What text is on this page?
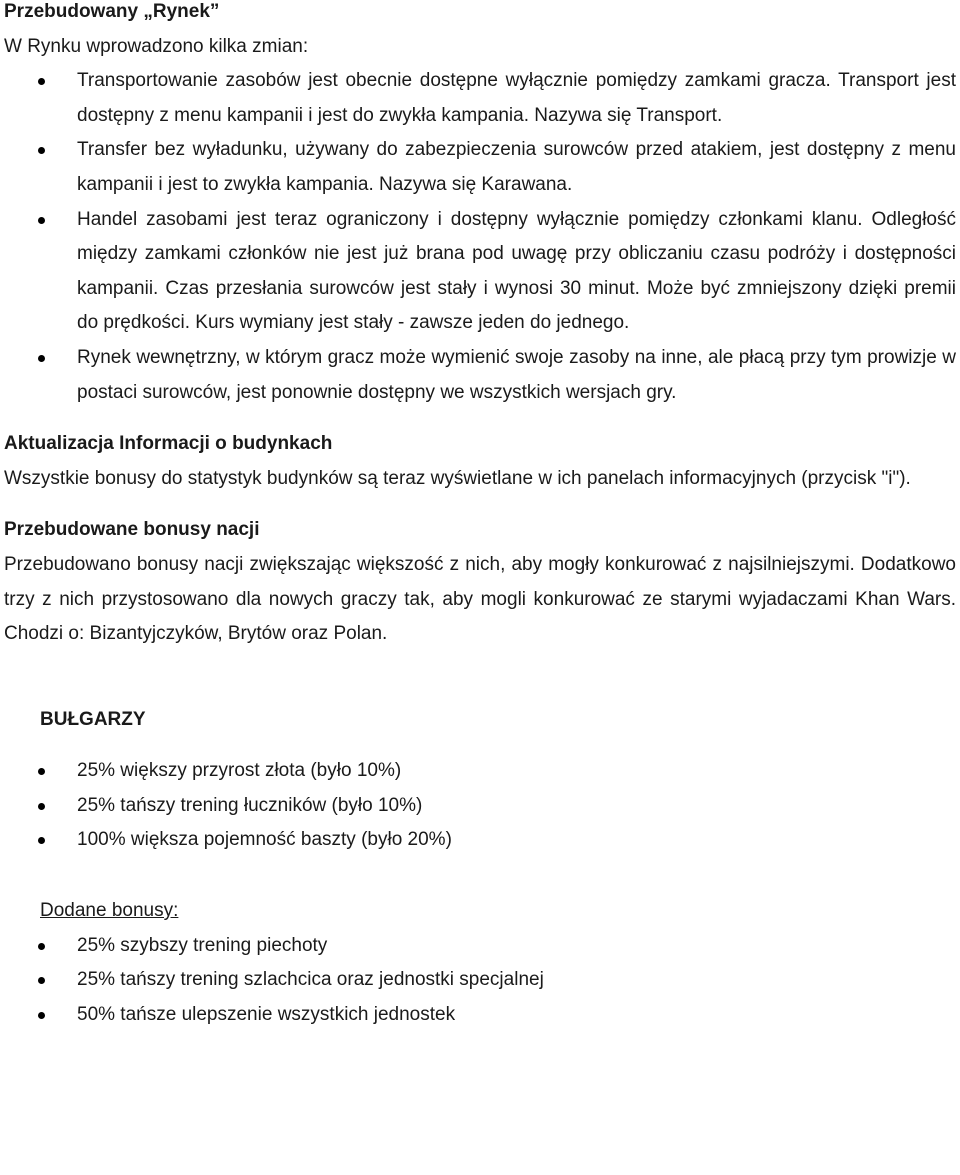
Przebudowany „Rynek”

W Rynku wprowadzono kilka zmian:

Transportowanie zasobów jest obecnie dostępne wyłącznie pomiędzy zamkami gracza. Transport jest dostępny z menu kampanii i jest do zwykła kampania. Nazywa się Transport.
Transfer bez wyładunku, używany do zabezpieczenia surowców przed atakiem, jest dostępny z menu kampanii i jest to zwykła kampania. Nazywa się Karawana.
Handel zasobami jest teraz ograniczony i dostępny wyłącznie pomiędzy członkami klanu. Odległość między zamkami członków nie jest już brana pod uwagę przy obliczaniu czasu podróży i dostępności kampanii. Czas przesłania surowców jest stały i wynosi 30 minut. Może być zmniejszony dzięki premii do prędkości. Kurs wymiany jest stały - zawsze jeden do jednego.
Rynek wewnętrzny, w którym gracz może wymienić swoje zasoby na inne, ale płacą przy tym prowizje w postaci surowców, jest ponownie dostępny we wszystkich wersjach gry.
Aktualizacja Informacji o budynkach

Wszystkie bonusy do statystyk budynków są teraz wyświetlane w ich panelach informacyjnych (przycisk "i").

Przebudowane bonusy nacji

Przebudowano bonusy nacji zwiększając większość z nich, aby mogły konkurować z najsilniejszymi. Dodatkowo trzy z nich przystosowano dla nowych graczy tak, aby mogli konkurować ze starymi wyjadaczami Khan Wars. Chodzi o: Bizantyjczyków, Brytów oraz Polan.

BUŁGARZY
25% większy przyrost złota (było 10%)
25% tańszy trening łuczników (było 10%)
100% większa pojemność baszty (było 20%)

Dodane bonusy:

25% szybszy trening piechoty
25% tańszy trening szlachcica oraz jednostki specjalnej
50% tańsze ulepszenie wszystkich jednostek
